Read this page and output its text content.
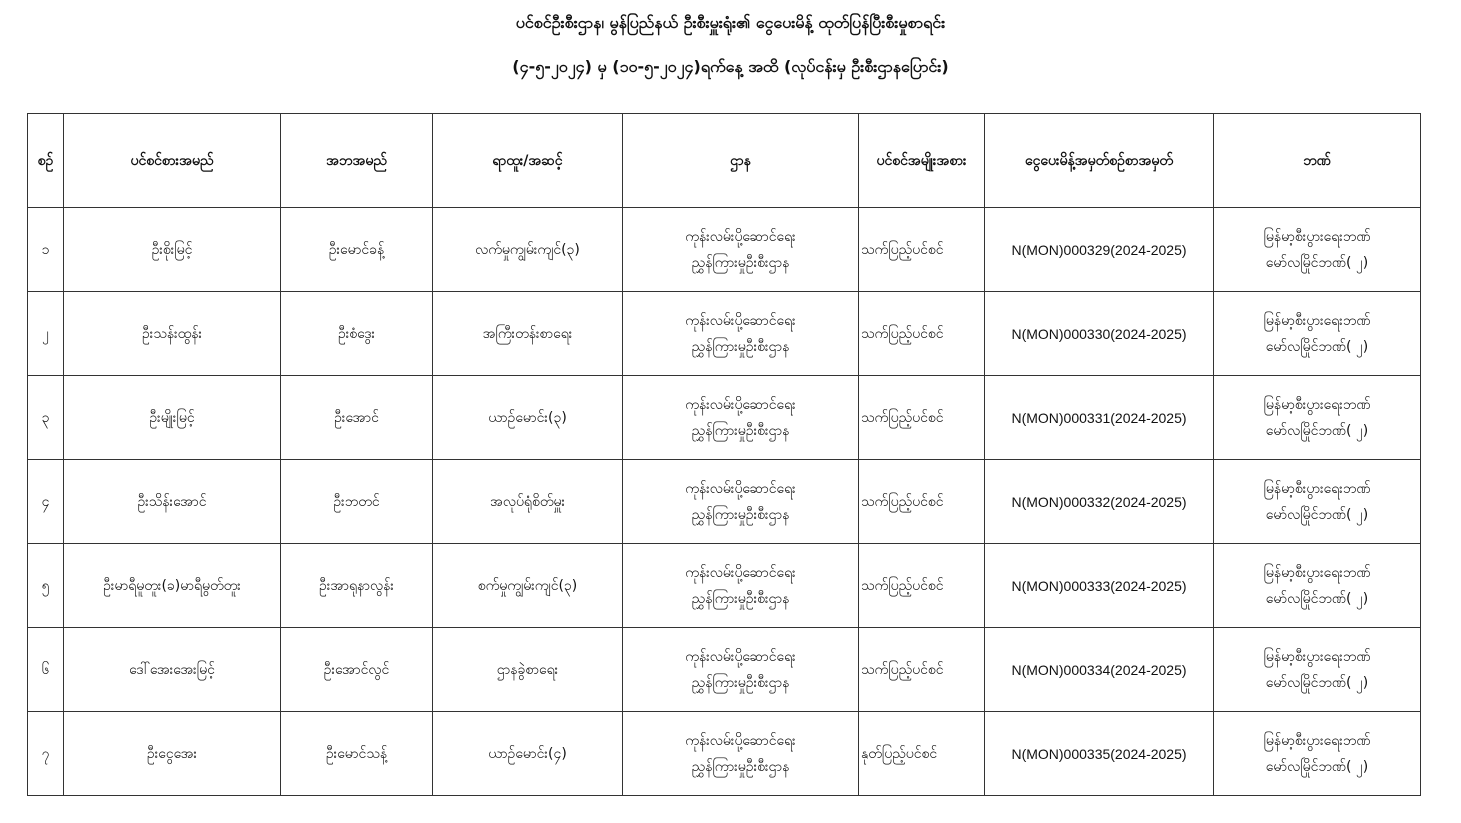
ပင်စင်ဦးစီးဌာန၊ မွန်ပြည်နယ် ဦးစီးမှူးရုံး၏ ငွေပေးမိန့် ထုတ်ပြန်ပြီးစီးမှုစာရင်း
(၄-၅-၂၀၂၄) မှ (၁၀-၅-၂၀၂၄)ရက်နေ့ အထိ (လုပ်ငန်းမှ ဦးစီးဌာနပြောင်း)
စဉ်	ပင်စင်စားအမည်	အဘအမည်	ရာထူး/အဆင့်	ဌာန	ပင်စင်အမျိုးအစား	ငွေပေးမိန့်အမှတ်စဉ်စာအမှတ်	ဘဏ်
၁	ဦးစိုးမြင့်	ဦးမောင်ခန့်	လက်မှုကျွမ်းကျင်(၃)	ကုန်းလမ်းပို့ဆောင်ရေး
ညွှန်ကြားမှုဦးစီးဌာန	သက်ပြည့်ပင်စင်	N(MON)000329(2024-2025)	မြန်မာ့စီးပွားရေးဘဏ်
မော်လမြိုင်ဘဏ်( ၂)

၂	ဦးသန်းထွန်း	ဦးစံဒွေး	အကြီးတန်းစာရေး	ကုန်းလမ်းပို့ဆောင်ရေး
ညွှန်ကြားမှုဦးစီးဌာန	သက်ပြည့်ပင်စင်	N(MON)000330(2024-2025)	မြန်မာ့စီးပွားရေးဘဏ်
မော်လမြိုင်ဘဏ်( ၂)

၃	ဦးမျိုးမြင့်	ဦးအောင်	ယာဉ်မောင်း(၃)	ကုန်းလမ်းပို့ဆောင်ရေး
ညွှန်ကြားမှုဦးစီးဌာန	သက်ပြည့်ပင်စင်	N(MON)000331(2024-2025)	မြန်မာ့စီးပွားရေးဘဏ်
မော်လမြိုင်ဘဏ်( ၂)

၄	ဦးသိန်းအောင်	ဦးဘတင်	အလုပ်ရုံစိတ်မှူး	ကုန်းလမ်းပို့ဆောင်ရေး
ညွှန်ကြားမှုဦးစီးဌာန	သက်ပြည့်ပင်စင်	N(MON)000332(2024-2025)	မြန်မာ့စီးပွားရေးဘဏ်
မော်လမြိုင်ဘဏ်( ၂)

၅	ဦးမာရီမူတူး(ခ)မာရီမွတ်တူး	ဦးအာရုနာလွန်း	စက်မှုကျွမ်းကျင်(၃)	ကုန်းလမ်းပို့ဆောင်ရေး
ညွှန်ကြားမှုဦးစီးဌာန	သက်ပြည့်ပင်စင်	N(MON)000333(2024-2025)	မြန်မာ့စီးပွားရေးဘဏ်
မော်လမြိုင်ဘဏ်( ၂)

၆	ဒေါ်အေးအေးမြင့်	ဦးအောင်လွင်	ဌာနခွဲစာရေး	ကုန်းလမ်းပို့ဆောင်ရေး
ညွှန်ကြားမှုဦးစီးဌာန	သက်ပြည့်ပင်စင်	N(MON)000334(2024-2025)	မြန်မာ့စီးပွားရေးဘဏ်
မော်လမြိုင်ဘဏ်( ၂)

၇	ဦးငွေအေး	ဦးမောင်သန့်	ယာဉ်မောင်း(၄)	ကုန်းလမ်းပို့ဆောင်ရေး
ညွှန်ကြားမှုဦးစီးဌာန	နုတ်ပြည့်ပင်စင်	N(MON)000335(2024-2025)	မြန်မာ့စီးပွားရေးဘဏ်
မော်လမြိုင်ဘဏ်( ၂)
